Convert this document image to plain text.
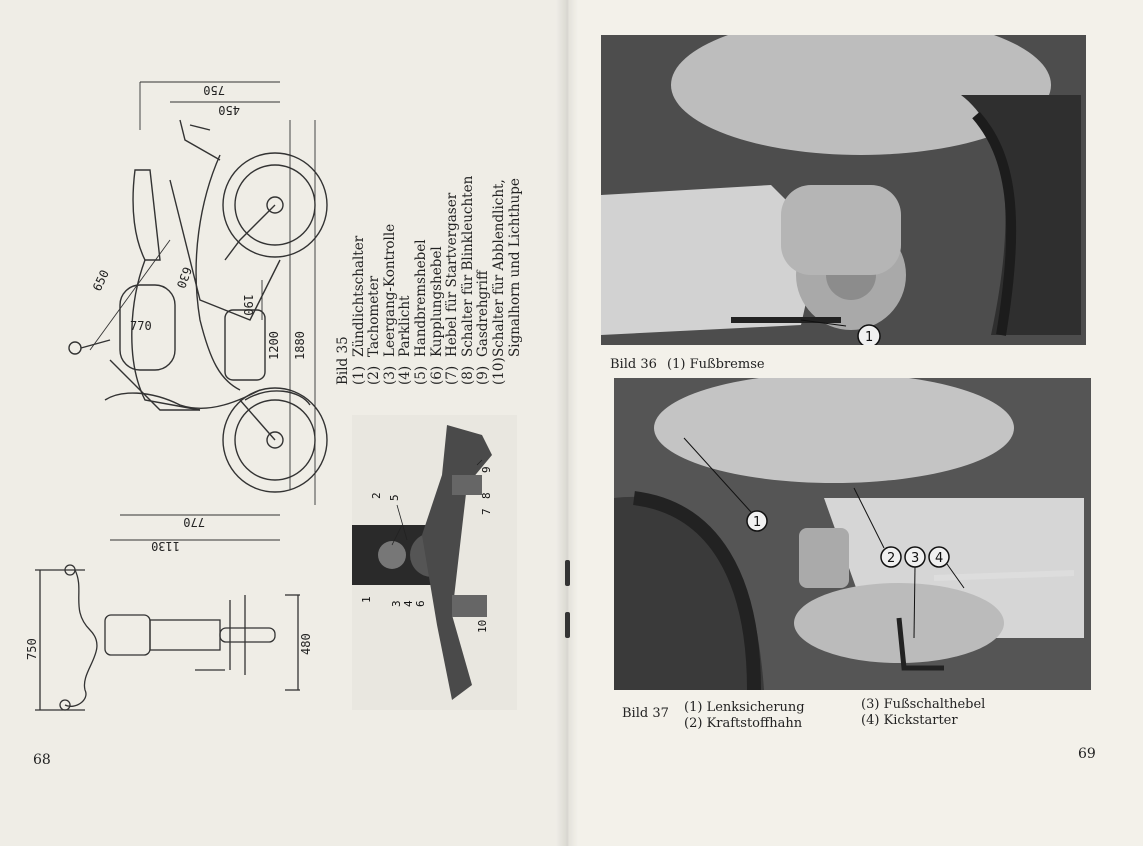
750
450
650	630
770
190
1200 1880
770
1130
750	480
1
2
3 4
5
6
7
8
9
10
Bild 35 (1)
Zündlichtschalter
(2)
Tachometer
(3)
Leergang-Kontrolle
(4)
Parklicht
(5)
Handbremshebel
(6)
Kupplungshebel
(7)
Hebel für Startvergaser
(8)
Schalter für Blinkleuchten
(9)
Gasdrehgriff
(10)
Schalter für Abblendlicht, Signalhorn und Lichthupe
68
1
Bild 36 (1) Fußbremse
1
2 3 4
Bild 37 (1) Lenksicherung
(2) Kraftstoffhahn
(3) Fußschalthebel
(4) Kickstarter
69
